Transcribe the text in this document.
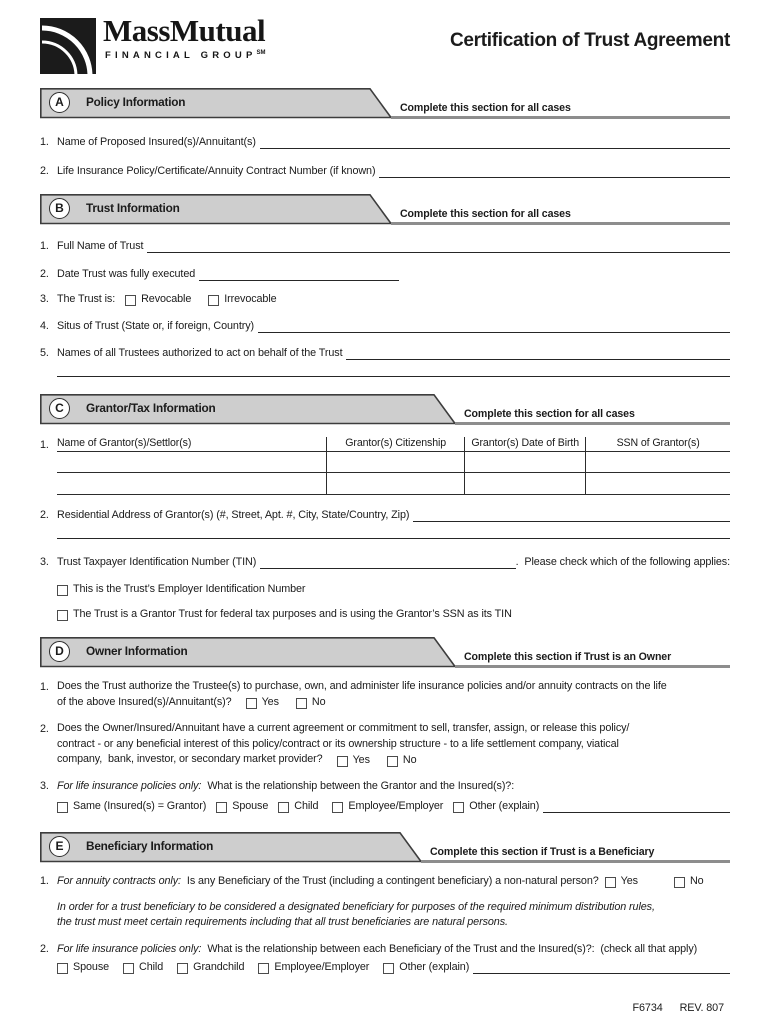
MassMutual
FINANCIAL GROUP℠
Certification of Trust Agreement
A	Policy Information	Complete this section for all cases
1. Name of Proposed Insured(s)/Annuitant(s)
2. Life Insurance Policy/Certificate/Annuity Contract Number (if known)
B	Trust Information	Complete this section for all cases
1. Full Name of Trust
2. Date Trust was fully executed
3. The Trust is: Revocable	Irrevocable
4. Situs of Trust (State or, if foreign, Country)
5. Names of all Trustees authorized to act on behalf of the Trust
C	Grantor/Tax Information	Complete this section for all cases
1. Name of Grantor(s)/Settlor(s)	Grantor(s) Citizenship	Grantor(s) Date of Birth	SSN of Grantor(s)
2. Residential Address of Grantor(s) (#, Street, Apt. #, City, State/Country, Zip)
3. Trust Taxpayer Identification Number (TIN)	.  Please check which of the following applies:
This is the Trust’s Employer Identification Number
The Trust is a Grantor Trust for federal tax purposes and is using the Grantor’s SSN as its TIN
D	Owner Information	Complete this section if Trust is an Owner
1. Does the Trust authorize the Trustee(s) to purchase, own, and administer life insurance policies and/or annuity contracts on the life
of the above Insured(s)/Annuitant(s)?	Yes	No
2. Does the Owner/Insured/Annuitant have a current agreement or commitment to sell, transfer, assign, or release this policy/
contract - or any beneficial interest of this policy/contract or its ownership structure - to a life settlement company, viatical
company,  bank, investor, or secondary market provider?	Yes	No
3. For life insurance policies only: What is the relationship between the Grantor and the Insured(s)?:
Same (Insured(s) = Grantor) Spouse Child	Employee/Employer Other (explain)
E	Beneficiary Information	Complete this section if Trust is a Beneficiary
1. For annuity contracts only: Is any Beneficiary of the Trust (including a contingent beneficiary) a non-natural person? Yes	No
In order for a trust beneficiary to be considered a designated beneficiary for purposes of the required minimum distribution rules,
the trust must meet certain requirements including that all trust beneficiaries are natural persons.
2. For life insurance policies only: What is the relationship between each Beneficiary of the Trust and the Insured(s)?:  (check all that apply)
Spouse	Child	Grandchild	Employee/Employer	Other (explain)
F6734 REV. 807
